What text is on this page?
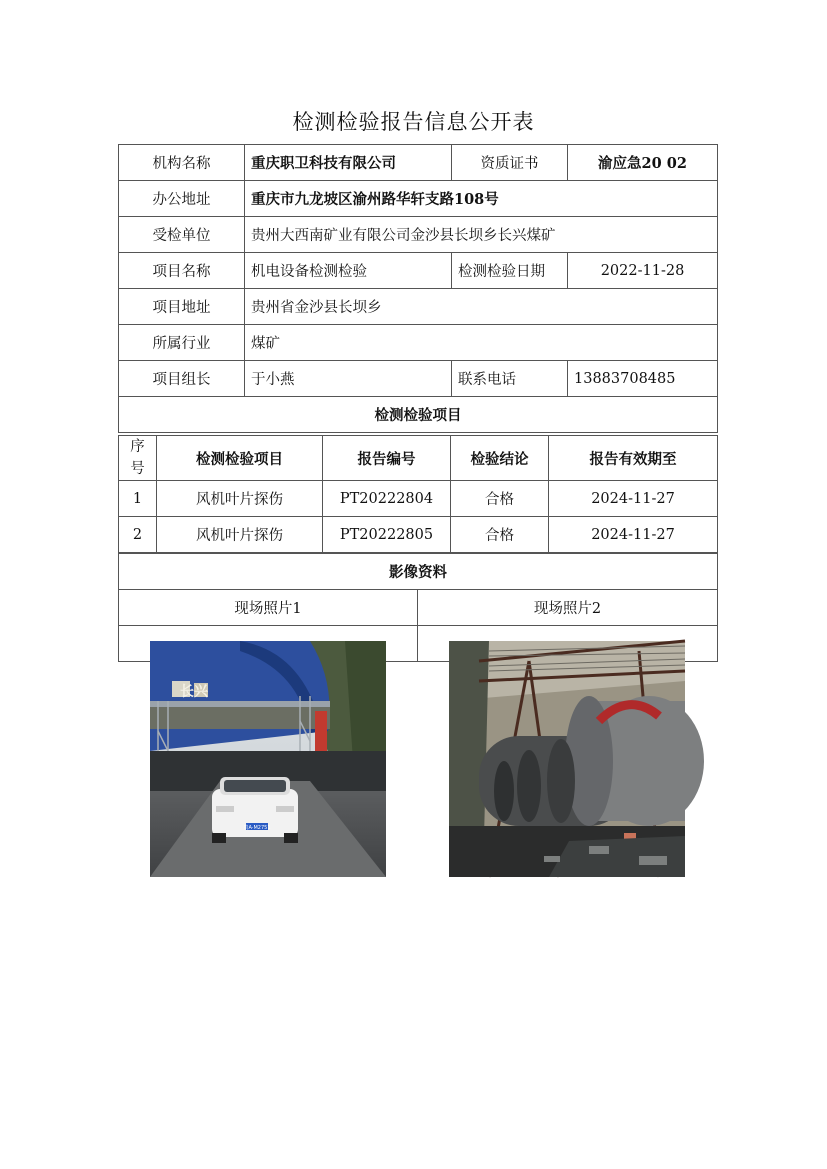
检测检验报告信息公开表
机构名称	重庆职卫科技有限公司	资质证书	渝应急20 02
办公地址	重庆市九龙坡区渝州路华轩支路108号		
受检单位	贵州大西南矿业有限公司金沙县长坝乡长兴煤矿		
项目名称	机电设备检测检验	检测检验日期	2022-11-28
项目地址	贵州省金沙县长坝乡		
所属行业	煤矿		
项目组长	于小燕	联系电话	13883708485
检测检验项目			
序号	检测检验项目	报告编号	检验结论	报告有效期至
1	风机叶片探伤	PT20222804	合格	2024-11-27
2	风机叶片探伤	PT20222805	合格	2024-11-27
影像资料	
现场照片1	现场照片2

贵A·M2751
长兴
